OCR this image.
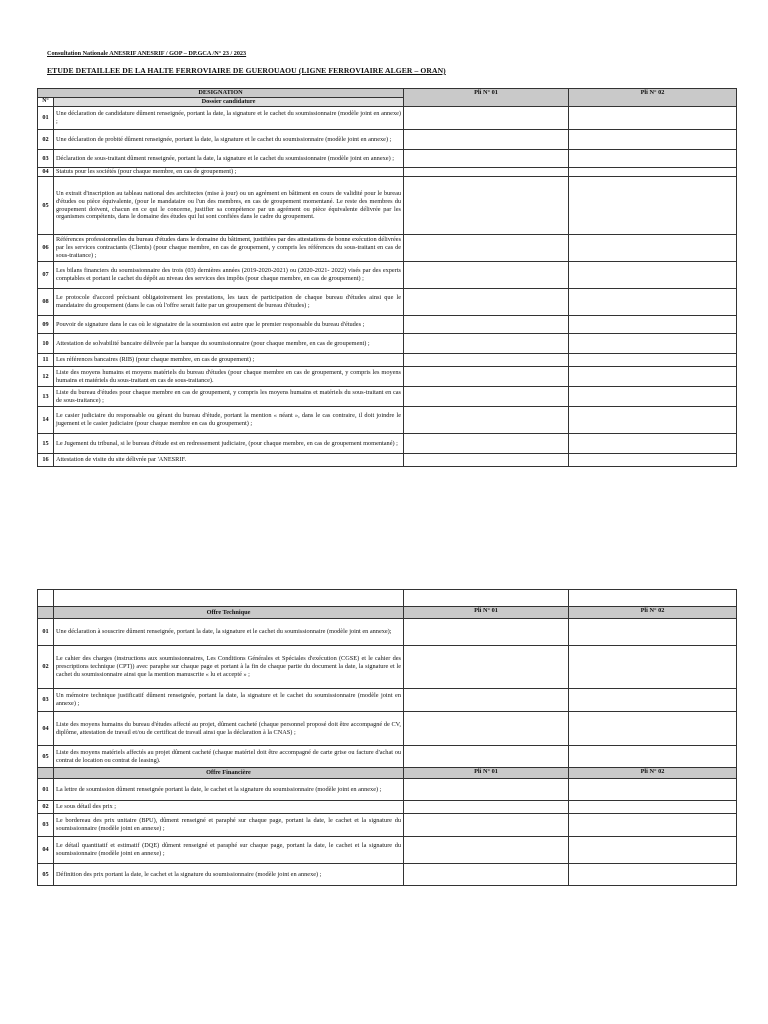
Consultation Nationale ANESRIF ANESRIF / GOP – DP.GCA /N° 23 / 2023
ETUDE DETAILLEE DE LA HALTE FERROVIAIRE DE GUEROUAOU (LIGNE FERROVIAIRE ALGER – ORAN)
DESIGNATION		Pli N° 01	Pli N° 02
N°	Dossier candidature		
01	Une déclaration de candidature dûment renseignée, portant la date, la signature et le cachet du soumissionnaire (modèle joint en annexe) ;		
02	Une déclaration de probité dûment renseignée, portant la date, la signature et le cachet du soumissionnaire (modèle joint en annexe) ;		
03	Déclaration de sous-traitant dûment renseignée, portant la date, la signature et le cachet du soumissionnaire (modèle joint en annexe) ;		
04	Statuts pour les sociétés (pour chaque membre, en cas de groupement) ;		
05	Un extrait d'inscription au tableau national des architectes (mise à jour) ou un agrément en bâtiment en cours de validité pour le bureau d'études ou pièce équivalente, (pour le mandataire ou l'un des membres, en cas de groupement momentané. Le reste des membres du groupement doivent, chacun en ce qui le concerne, justifier sa compétence par un agrément ou pièce équivalente délivrée par les organismes compétents, dans le domaine des études qui lui sont confiées dans le cadre du groupement.		
06	Références professionnelles du bureau d'études dans le domaine du bâtiment, justifiées par des attestations de bonne exécution délivrées par les services contractants (Clients) (pour chaque membre, en cas de groupement, y compris les références du sous-traitant en cas de sous-traitance) ;		
07	Les bilans financiers du soumissionnaire des trois (03) dernières années (2019-2020-2021) ou (2020-2021- 2022) visés par des experts comptables et portant le cachet du dépôt au niveau des services des impôts (pour chaque membre, en cas de groupement) ;		
08	Le protocole d'accord précisant obligatoirement les prestations, les taux de participation de chaque bureau d'études ainsi que le mandataire du groupement (dans le cas où l'offre serait faite par un groupement de bureau d'études) ;		
09	Pouvoir de signature dans le cas où le signataire de la soumission est autre que le premier responsable du bureau d'études ;		
10	Attestation de solvabilité bancaire délivrée par la banque du soumissionnaire (pour chaque membre, en cas de groupement) ;		
11	Les références bancaires (RIB) (pour chaque membre, en cas de groupement) ;		
12	Liste des moyens humains et moyens matériels du bureau d'études (pour chaque membre en cas de groupement, y compris les moyens humains et matériels du sous-traitant en cas de sous-traitance).		
13	Liste du bureau d'études pour chaque membre en cas de groupement, y compris les moyens humains et matériels du sous-traitant en cas de sous-traitance) ;		
14	Le casier judiciaire du responsable ou gérant du bureau d'étude, portant la mention « néant », dans le cas contraire, il doit joindre le jugement et le casier judiciaire (pour chaque membre en cas du groupement) ;		
15	Le Jugement du tribunal, si le bureau d'étude est en redressement judiciaire, (pour chaque membre, en cas de groupement momentané) ;		
16	Attestation de visite du site délivrée par 'ANESRIF.		

	Offre Technique	Pli N° 01	Pli N° 02
01	Une déclaration à souscrire dûment renseignée, portant la date, la signature et le cachet du soumissionnaire (modèle joint en annexe);		
02	Le cahier des charges (instructions aux soumissionnaires, Les Conditions Générales et Spéciales d'exécution (CGSE) et le cahier des prescriptions technique (CPT)) avec paraphe sur chaque page et portant à la fin de chaque partie du document la date, la signature et le cachet du soumissionnaire ainsi que la mention manuscrite « lu et accepté » ;		
03	Un mémoire technique justificatif dûment renseignée, portant la date, la signature et le cachet du soumissionnaire (modèle joint en annexe) ;		
04	Liste des moyens humains du bureau d'études affecté au projet, dûment cacheté (chaque personnel proposé doit être accompagné de CV, diplôme, attestation de travail et/ou de certificat de travail ainsi que la déclaration à la CNAS) ;		
05	Liste des moyens matériels affectés au projet dûment cacheté (chaque matériel doit être accompagné de carte grise ou facture d'achat ou contrat de location ou contrat de leasing).		
	Offre Financière	Pli N° 01	Pli N° 02
01	La lettre de soumission dûment renseignée portant la date, le cachet et la signature du soumissionnaire (modèle joint en annexe) ;		
02	Le sous détail des prix ;		
03	Le bordereau des prix unitaire (BPU), dûment renseigné et paraphé sur chaque page, portant la date, le cachet et la signature du soumissionnaire (modèle joint en annexe) ;		
04	Le détail quantitatif et estimatif (DQE) dûment renseigné et paraphé sur chaque page, portant la date, le cachet et la signature du soumissionnaire (modèle joint en annexe) ;		
05	Définition des prix portant la date, le cachet et la signature du soumissionnaire (modèle joint en annexe) ;		
